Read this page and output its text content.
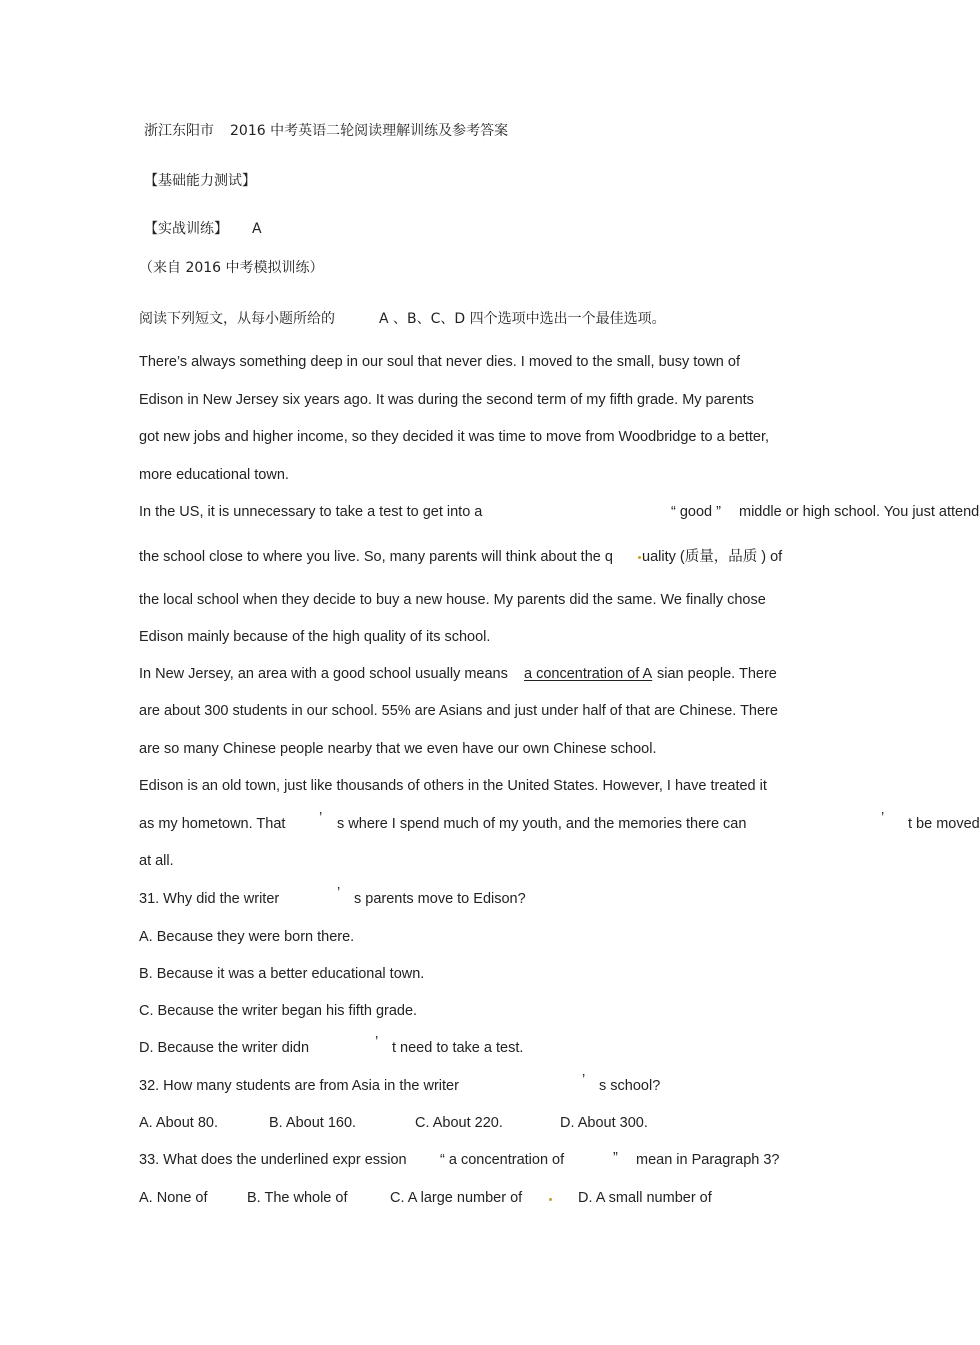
浙江东阳市 2016 中考英语二轮阅读理解训练及参考答案
【基础能力测试】
【实战训练】 A
（来自 2016 中考模拟训练）
阅读下列短文，从每小题所给的	A 、B、C、D 四个选项中选出一个最佳选项。
There’s always something deep in our soul that never dies. I moved to the small, busy town of
Edison in New Jersey six years ago. It was during the second term of my fifth grade. My parents
got new jobs and higher income, so they decided it was time to move from Woodbridge to a better,
more educational town.
In the US, it is unnecessary to take a test to get into a	“ good ” middle or high school. You just attend
the school close to where you live. So, many parents will think about the q uality (质量，品质 ) of
the local school when they decide to buy a new house. My parents did the same. We finally chose
Edison mainly because of the high quality of its school.
In New Jersey, an area with a good school usually means a concentration of A sian people. There
are about 300 students in our school. 55% are Asians and just under half of that are Chinese. There
are so many Chinese people nearby that we even have our own Chinese school.
Edison is an old town, just like thousands of others in the United States. However, I have treated it
as my hometown. That ’ s where I spend much of my youth, and the memories there can	’ t be moved
at all.
31. Why did the writer	’ s parents move to Edison?
A. Because they were born there.
B. Because it was a better educational town.
C. Because the writer began his fifth grade.
D. Because the writer didn	’ t need to take a test.
32. How many students are from Asia in the writer	’ s school?
A. About 80.	B. About 160.	C. About 220.	D. About 300.
33. What does the underlined expr ession “ a concentration of	” mean in Paragraph 3?
A. None of	B. The whole of	C. A large number of	D. A small number of
